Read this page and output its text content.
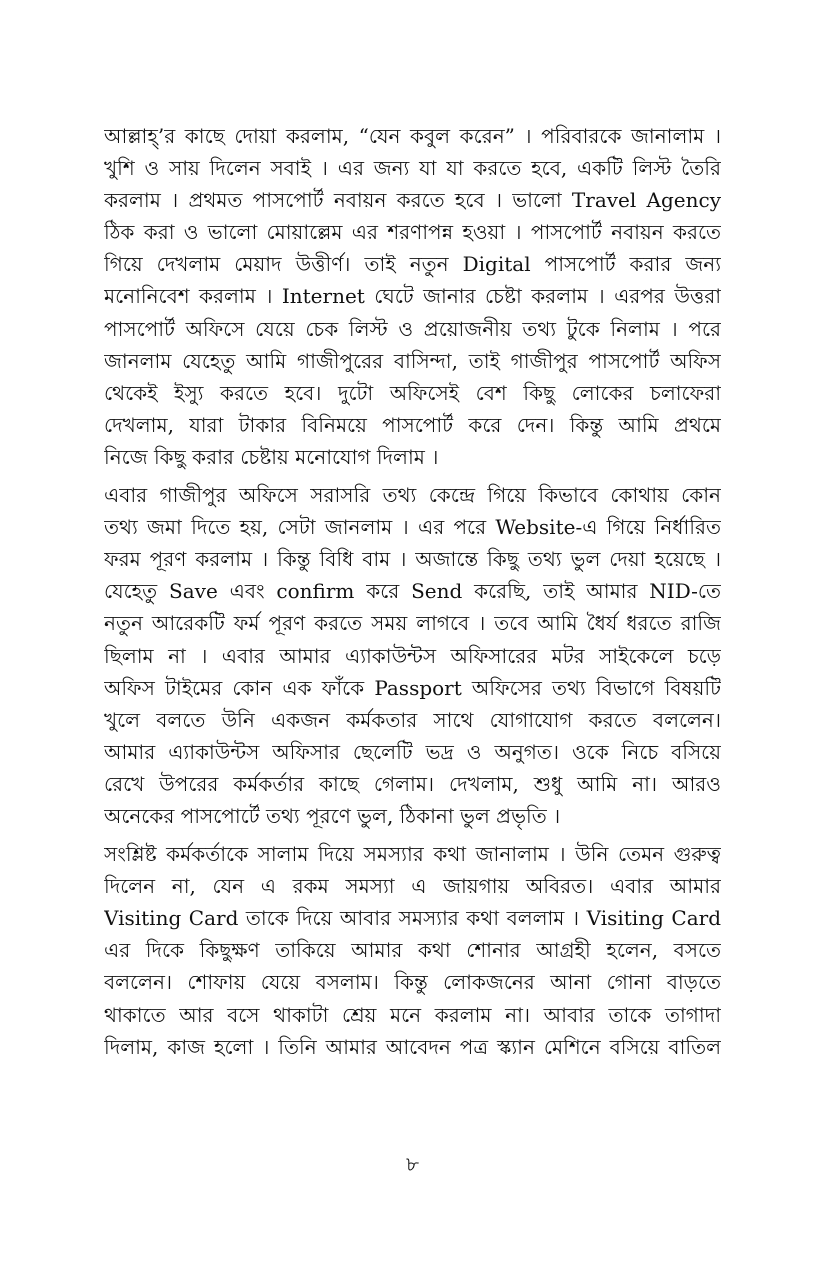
আল্লাহ্’র কাছে দোয়া করলাম, “যেন কবুল করেন” । পরিবারকে জানালাম ।
খুশি ও সায় দিলেন সবাই । এর জন্য যা যা করতে হবে, একটি লিস্ট তৈরি
করলাম । প্রথমত পাসপোর্ট নবায়ন করতে হবে । ভালো Travel Agency
ঠিক করা ও ভালো মোয়াল্লেম এর শরণাপন্ন হওয়া । পাসপোর্ট নবায়ন করতে
গিয়ে দেখলাম মেয়াদ উত্তীর্ণ। তাই নতুন Digital পাসপোর্ট করার জন্য
মনোনিবেশ করলাম । Internet ঘেটে জানার চেষ্টা করলাম । এরপর উত্তরা
পাসপোর্ট অফিসে যেয়ে চেক লিস্ট ও প্রয়োজনীয় তথ্য টুকে নিলাম । পরে
জানলাম যেহেতু আমি গাজীপুরের বাসিন্দা, তাই গাজীপুর পাসপোর্ট অফিস
থেকেই ইস্যু করতে হবে। দুটো অফিসেই বেশ কিছু লোকের চলাফেরা
দেখলাম, যারা টাকার বিনিময়ে পাসপোর্ট করে দেন। কিন্তু আমি প্রথমে
নিজে কিছু করার চেষ্টায় মনোযোগ দিলাম ।

এবার গাজীপুর অফিসে সরাসরি তথ্য কেন্দ্রে গিয়ে কিভাবে কোথায় কোন
তথ্য জমা দিতে হয়, সেটা জানলাম । এর পরে Website-এ গিয়ে নির্ধারিত
ফরম পূরণ করলাম । কিন্তু বিধি বাম । অজান্তে কিছু তথ্য ভুল দেয়া হয়েছে ।
যেহেতু Save এবং confirm করে Send করেছি, তাই আমার NID-তে
নতুন আরেকটি ফর্ম পূরণ করতে সময় লাগবে । তবে আমি ধৈর্য ধরতে রাজি
ছিলাম না । এবার আমার এ্যাকাউন্টস অফিসারের মটর সাইকেলে চড়ে
অফিস টাইমের কোন এক ফাঁকে Passport অফিসের তথ্য বিভাগে বিষয়টি
খুলে বলতে উনি একজন কর্মকতার সাথে যোগাযোগ করতে বললেন।
আমার এ্যাকাউন্টস অফিসার ছেলেটি ভদ্র ও অনুগত। ওকে নিচে বসিয়ে
রেখে উপরের কর্মকর্তার কাছে গেলাম। দেখলাম, শুধু আমি না। আরও
অনেকের পাসপোর্টে তথ্য পূরণে ভুল, ঠিকানা ভুল প্রভৃতি ।

সংশ্লিষ্ট কর্মকর্তাকে সালাম দিয়ে সমস্যার কথা জানালাম । উনি তেমন গুরুত্ব
দিলেন না, যেন এ রকম সমস্যা এ জায়গায় অবিরত। এবার আমার
Visiting Card তাকে দিয়ে আবার সমস্যার কথা বললাম । Visiting Card
এর দিকে কিছুক্ষণ তাকিয়ে আমার কথা শোনার আগ্রহী হলেন, বসতে
বললেন। শোফায় যেয়ে বসলাম। কিন্তু লোকজনের আনা গোনা বাড়তে
থাকাতে আর বসে থাকাটা শ্রেয় মনে করলাম না। আবার তাকে তাগাদা
দিলাম, কাজ হলো । তিনি আমার আবেদন পত্র স্ক্যান মেশিনে বসিয়ে বাতিল

৮
